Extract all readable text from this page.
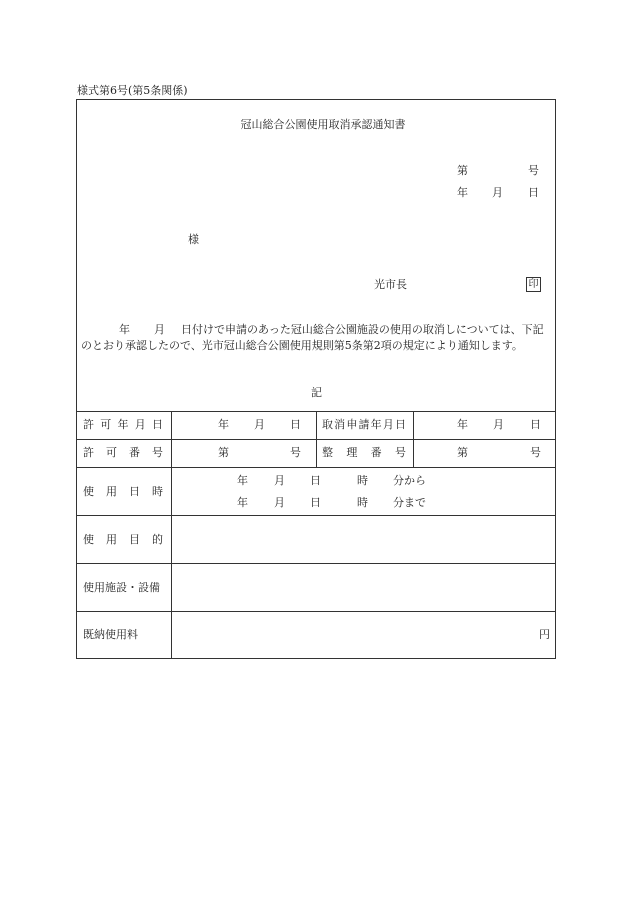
様式第6号(第5条関係)
冠山総合公園使用取消承認通知書
第	号
年 月 日
様
光市長	印
年 月 日付けで申請のあった冠山総合公園施設の使用の取消しについては、下記のとおり承認したので、光市冠山総合公園使用規則第5条第2項の規定により通知します。
記
許可年月日	年 月 日 取消申請年月日	年 月 日
許可番号	第	号 整理番号	第	号
使用日時
年 月 日	時 分から
年 月 日	時 分まで
使用目的
使用施設・設備
既納使用料	円
